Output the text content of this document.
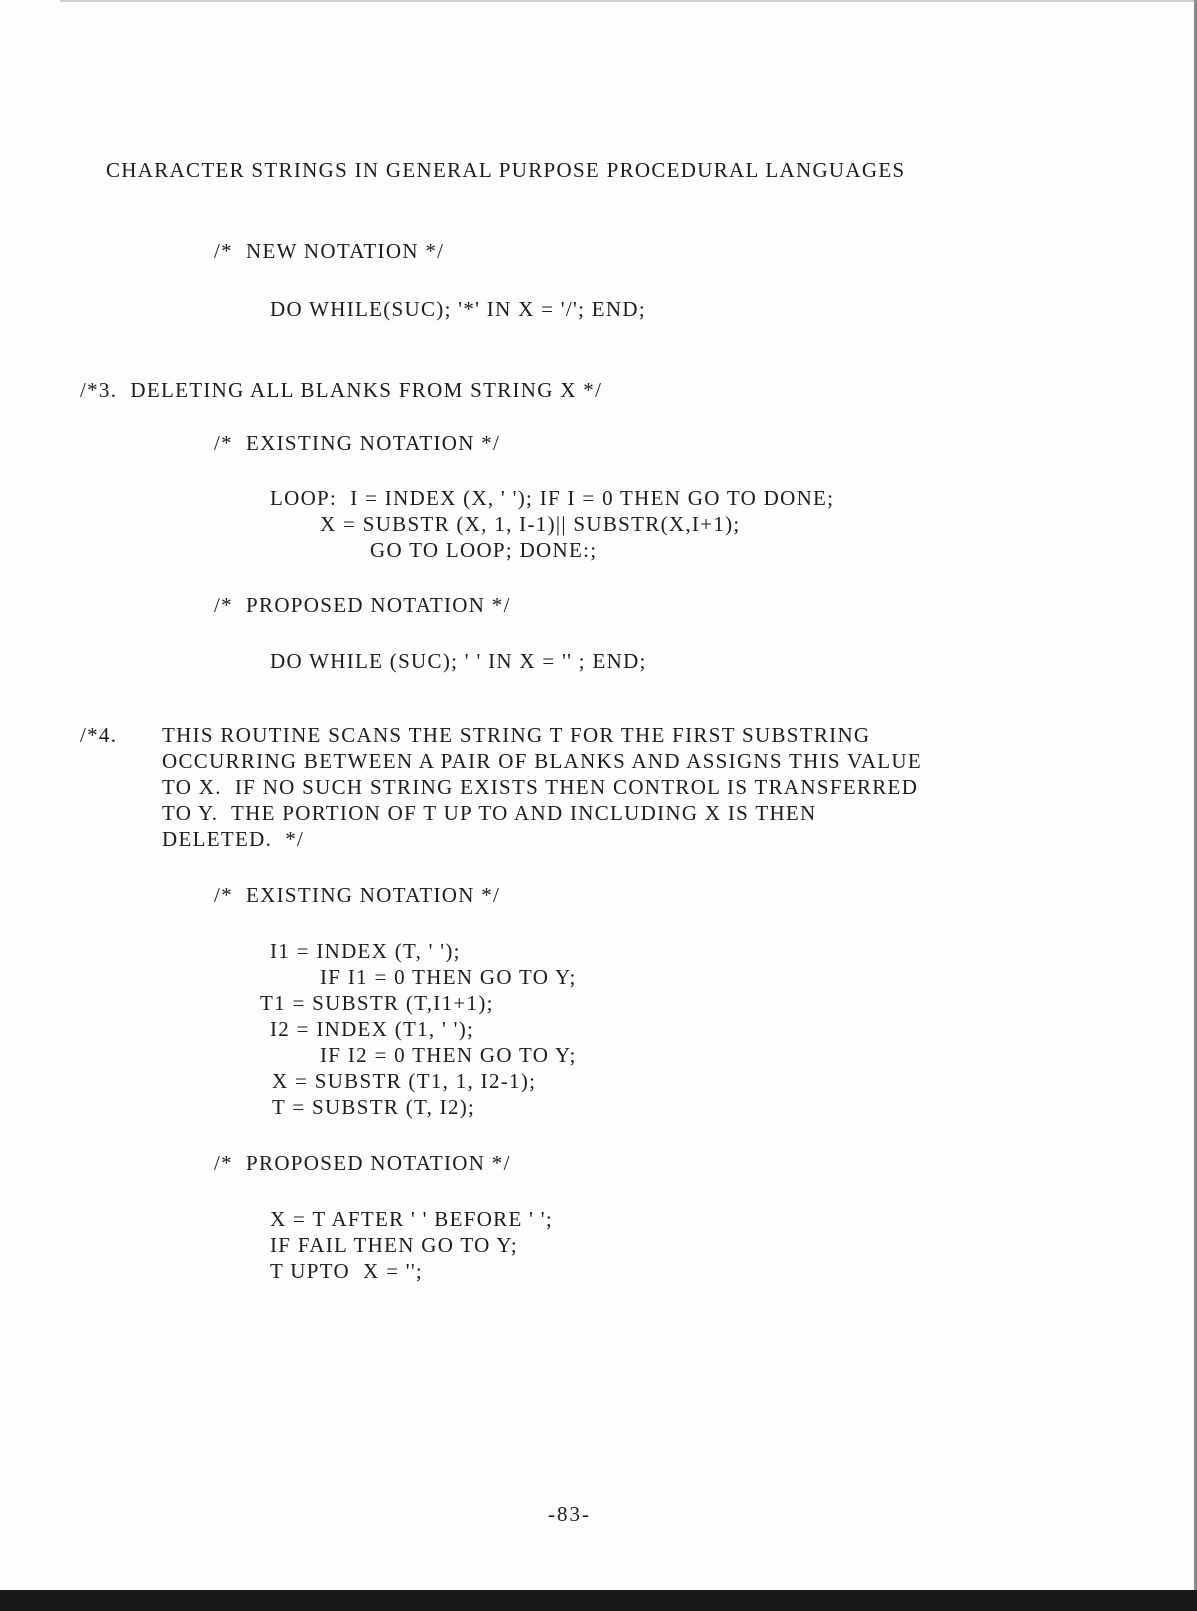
CHARACTER STRINGS IN GENERAL PURPOSE PROCEDURAL LANGUAGES
/*  NEW NOTATION */
DO WHILE(SUC); '*' IN X = '/'; END;
/*3.  DELETING ALL BLANKS FROM STRING X */
/*  EXISTING NOTATION */
LOOP:  I = INDEX (X, ' '); IF I = 0 THEN GO TO DONE;
X = SUBSTR (X, 1, I-1)|| SUBSTR(X,I+1);
GO TO LOOP; DONE:;
/*  PROPOSED NOTATION */
DO WHILE (SUC); ' ' IN X = '' ; END;
/*4. THIS ROUTINE SCANS THE STRING T FOR THE FIRST SUBSTRING
OCCURRING BETWEEN A PAIR OF BLANKS AND ASSIGNS THIS VALUE
TO X.  IF NO SUCH STRING EXISTS THEN CONTROL IS TRANSFERRED
TO Y.  THE PORTION OF T UP TO AND INCLUDING X IS THEN
DELETED.  */
/*  EXISTING NOTATION */
I1 = INDEX (T, ' ');
IF I1 = 0 THEN GO TO Y;
T1 = SUBSTR (T,I1+1);
I2 = INDEX (T1, ' ');
IF I2 = 0 THEN GO TO Y;
X = SUBSTR (T1, 1, I2-1);
T = SUBSTR (T, I2);
/*  PROPOSED NOTATION */
X = T AFTER ' ' BEFORE ' ';
IF FAIL THEN GO TO Y;
T UPTO  X = '';
-83-
